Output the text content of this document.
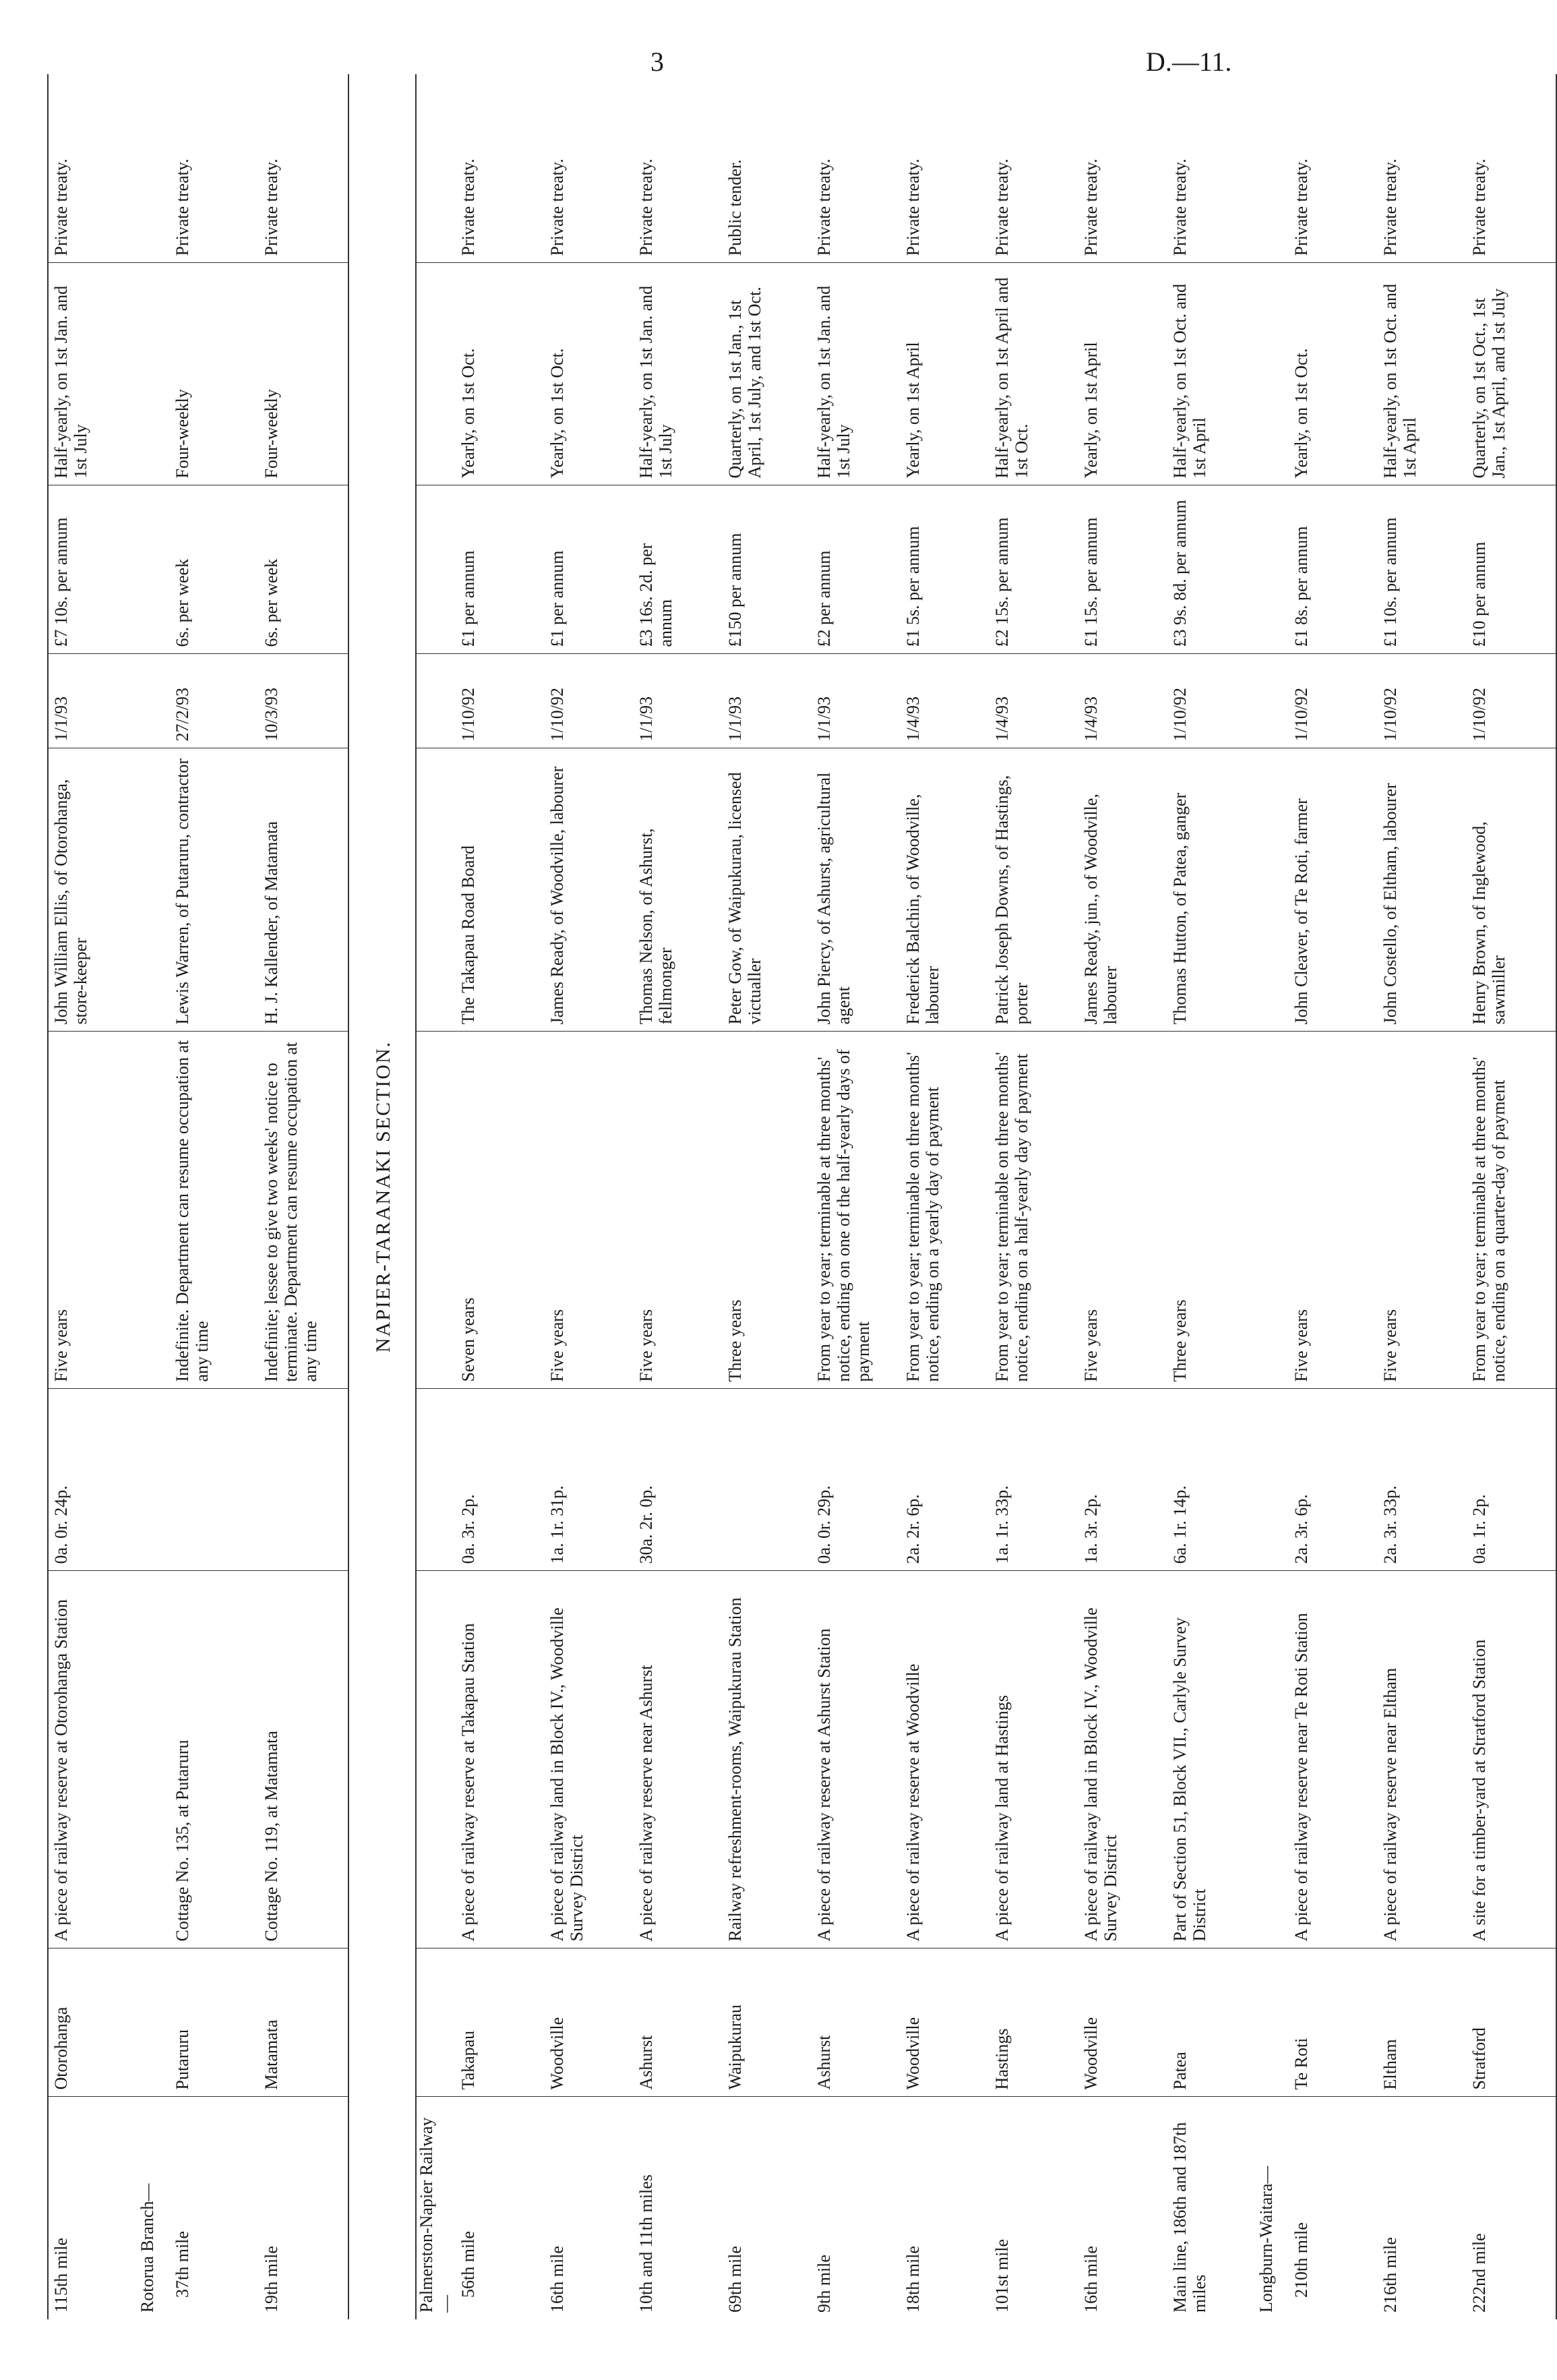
3	D.—11.
115th mile	Otorohanga	A piece of railway reserve at Otorohanga Station	0a. 0r. 24p.	Five years	John William Ellis, of Otorohanga, store-keeper	1/1/93	£7 10s. per annum	Half-yearly, on 1st Jan. and 1st July	Private treaty.
Rotorua Branch—									
37th mile	Putaruru	Cottage No. 135, at Putaruru		Indefinite. Department can resume occupation at any time	Lewis Warren, of Putaruru, contractor	27/2/93	6s. per week	Four-weekly	Private treaty.
19th mile	Matamata	Cottage No. 119, at Matamata		Indefinite; lessee to give two weeks' notice to terminate. Department can resume occupation at any time	H. J. Kallender, of Matamata	10/3/93	6s. per week	Four-weekly	Private treaty.
NAPIER-TARANAKI SECTION.									
Palmerston-Napier Railway—									
56th mile	Takapau	A piece of railway reserve at Takapau Station	0a. 3r. 2p.	Seven years	The Takapau Road Board	1/10/92	£1 per annum	Yearly, on 1st Oct.	Private treaty.
16th mile	Woodville	A piece of railway land in Block IV., Woodville Survey District	1a. 1r. 31p.	Five years	James Ready, of Woodville, labourer	1/10/92	£1 per annum	Yearly, on 1st Oct.	Private treaty.
10th and 11th miles	Ashurst	A piece of railway reserve near Ashurst	30a. 2r. 0p.	Five years	Thomas Nelson, of Ashurst, fellmonger	1/1/93	£3 16s. 2d. per annum	Half-yearly, on 1st Jan. and 1st July	Private treaty.
69th mile	Waipukurau	Railway refreshment-rooms, Waipukurau Station		Three years	Peter Gow, of Waipukurau, licensed victualler	1/1/93	£150 per annum	Quarterly, on 1st Jan., 1st April, 1st July, and 1st Oct.	Public tender.
9th mile	Ashurst	A piece of railway reserve at Ashurst Station	0a. 0r. 29p.	From year to year; terminable at three months' notice, ending on one of the half-yearly days of payment	John Piercy, of Ashurst, agricultural agent	1/1/93	£2 per annum	Half-yearly, on 1st Jan. and 1st July	Private treaty.
18th mile	Woodville	A piece of railway reserve at Woodville	2a. 2r. 6p.	From year to year; terminable on three months' notice, ending on a yearly day of payment	Frederick Balchin, of Woodville, labourer	1/4/93	£1 5s. per annum	Yearly, on 1st April	Private treaty.
101st mile	Hastings	A piece of railway land at Hastings	1a. 1r. 33p.	From year to year; terminable on three months' notice, ending on a half-yearly day of payment	Patrick Joseph Downs, of Hastings, porter	1/4/93	£2 15s. per annum	Half-yearly, on 1st April and 1st Oct.	Private treaty.
16th mile	Woodville	A piece of railway land in Block IV., Woodville Survey District	1a. 3r. 2p.	Five years	James Ready, jun., of Woodville, labourer	1/4/93	£1 15s. per annum	Yearly, on 1st April	Private treaty.
Main line, 186th and 187th miles	Patea	Part of Section 51, Block VII., Carlyle Survey District	6a. 1r. 14p.	Three years	Thomas Hutton, of Patea, ganger	1/10/92	£3 9s. 8d. per annum	Half-yearly, on 1st Oct. and 1st April	Private treaty.
Longburn-Waitara—									
210th mile	Te Roti	A piece of railway reserve near Te Roti Station	2a. 3r. 6p.	Five years	John Cleaver, of Te Roti, farmer	1/10/92	£1 8s. per annum	Yearly, on 1st Oct.	Private treaty.
216th mile	Eltham	A piece of railway reserve near Eltham	2a. 3r. 33p.	Five years	John Costello, of Eltham, labourer	1/10/92	£1 10s. per annum	Half-yearly, on 1st Oct. and 1st April	Private treaty.
222nd mile	Stratford	A site for a timber-yard at Stratford Station	0a. 1r. 2p.	From year to year; terminable at three months' notice, ending on a quarter-day of payment	Henry Brown, of Inglewood, sawmiller	1/10/92	£10 per annum	Quarterly, on 1st Oct., 1st Jan., 1st April, and 1st July	Private treaty.
